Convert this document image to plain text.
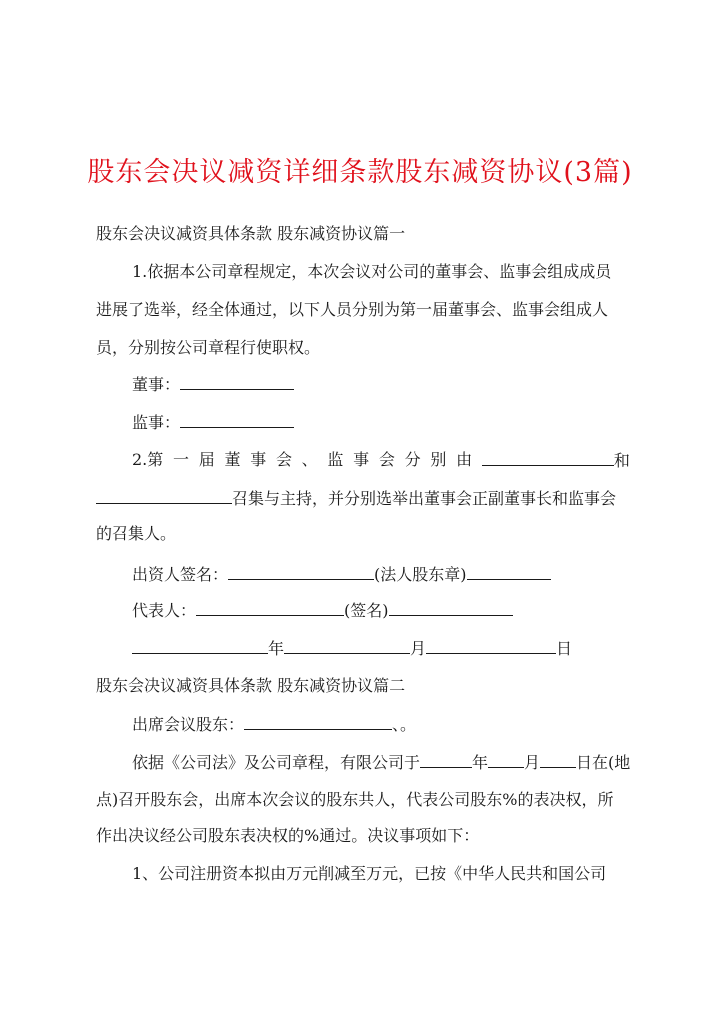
股东会决议减资详细条款股东减资协议(3篇)
股东会决议减资具体条款 股东减资协议篇一
1.依据本公司章程规定，本次会议对公司的董事会、监事会组成成员
进展了选举，经全体通过，以下人员分别为第一届董事会、监事会组成人
员，分别按公司章程行使职权。
董事：
监事：
2.第 一 届 董 事 会 、 监 事 会 分 别 由	和
召集与主持，并分别选举出董事会正副董事长和监事会
的召集人。
出资人签名：	(法人股东章)
代表人：	(签名)
年	月	日
股东会决议减资具体条款 股东减资协议篇二
出席会议股东：	、。
依据《公司法》及公司章程，有限公司于	年 月 日在(地
点)召开股东会，出席本次会议的股东共人，代表公司股东%的表决权，所
作出决议经公司股东表决权的%通过。决议事项如下：
1、公司注册资本拟由万元削减至万元，已按《中华人民共和国公司
